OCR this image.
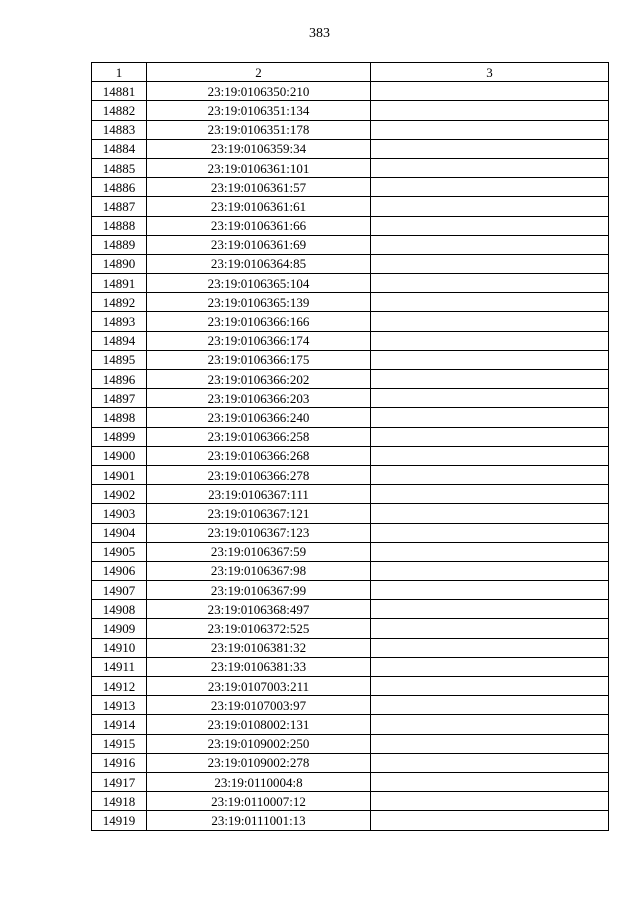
383
1	2	3
14881	23:19:0106350:210	
14882	23:19:0106351:134	
14883	23:19:0106351:178	
14884	23:19:0106359:34	
14885	23:19:0106361:101	
14886	23:19:0106361:57	
14887	23:19:0106361:61	
14888	23:19:0106361:66	
14889	23:19:0106361:69	
14890	23:19:0106364:85	
14891	23:19:0106365:104	
14892	23:19:0106365:139	
14893	23:19:0106366:166	
14894	23:19:0106366:174	
14895	23:19:0106366:175	
14896	23:19:0106366:202	
14897	23:19:0106366:203	
14898	23:19:0106366:240	
14899	23:19:0106366:258	
14900	23:19:0106366:268	
14901	23:19:0106366:278	
14902	23:19:0106367:111	
14903	23:19:0106367:121	
14904	23:19:0106367:123	
14905	23:19:0106367:59	
14906	23:19:0106367:98	
14907	23:19:0106367:99	
14908	23:19:0106368:497	
14909	23:19:0106372:525	
14910	23:19:0106381:32	
14911	23:19:0106381:33	
14912	23:19:0107003:211	
14913	23:19:0107003:97	
14914	23:19:0108002:131	
14915	23:19:0109002:250	
14916	23:19:0109002:278	
14917	23:19:0110004:8	
14918	23:19:0110007:12	
14919	23:19:0111001:13	
